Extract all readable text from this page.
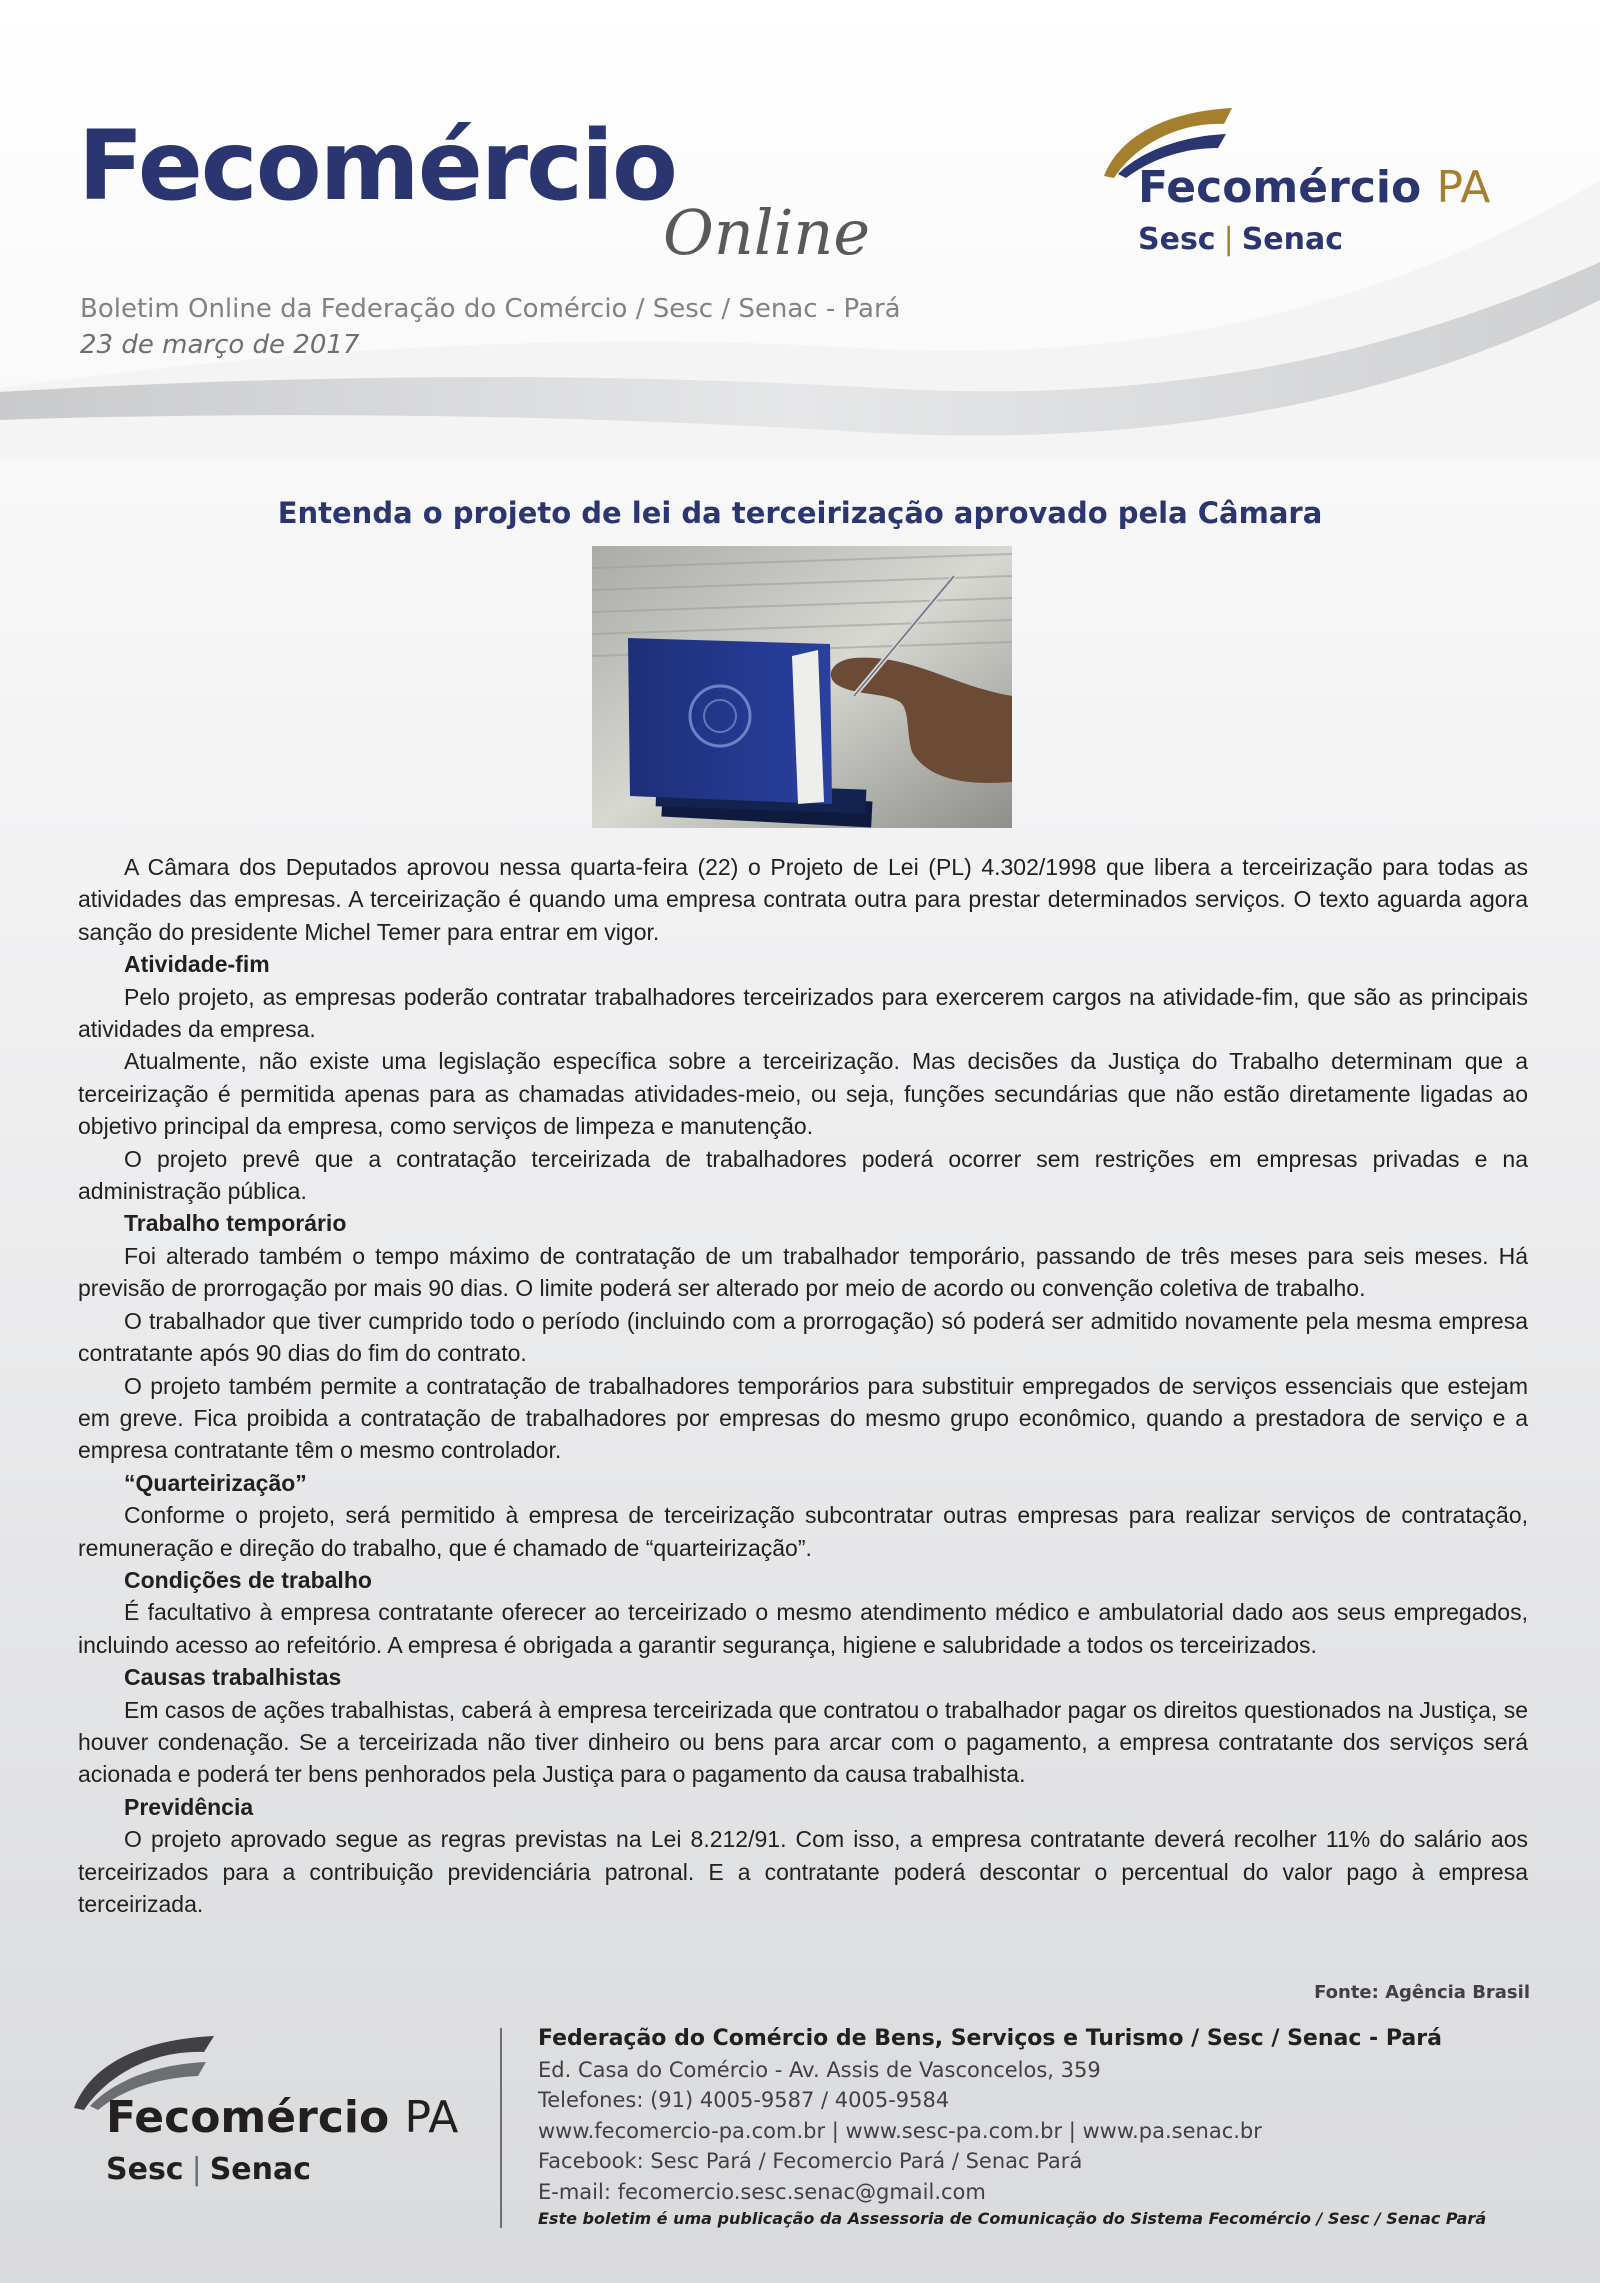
Fecomércio
Online
Boletim Online da Federação do Comércio / Sesc / Senac - Pará
23 de março de 2017
Fecomércio PA
Sesc | Senac
Entenda o projeto de lei da terceirização aprovado pela Câmara

A Câmara dos Deputados aprovou nessa quarta-feira (22) o Projeto de Lei (PL) 4.302/1998 que libera a terceirização para todas as atividades das empresas. A terceirização é quando uma empresa contrata outra para prestar determinados serviços. O texto aguarda agora sanção do presidente Michel Temer para entrar em vigor.

Atividade-fim

Pelo projeto, as empresas poderão contratar trabalhadores terceirizados para exercerem cargos na atividade-fim, que são as principais atividades da empresa.

Atualmente, não existe uma legislação específica sobre a terceirização. Mas decisões da Justiça do Trabalho determinam que a terceirização é permitida apenas para as chamadas atividades-meio, ou seja, funções secundárias que não estão diretamente ligadas ao objetivo principal da empresa, como serviços de limpeza e manutenção.

O projeto prevê que a contratação terceirizada de trabalhadores poderá ocorrer sem restrições em empresas privadas e na administração pública.

Trabalho temporário

Foi alterado também o tempo máximo de contratação de um trabalhador temporário, passando de três meses para seis meses. Há previsão de prorrogação por mais 90 dias. O limite poderá ser alterado por meio de acordo ou convenção coletiva de trabalho.

O trabalhador que tiver cumprido todo o período (incluindo com a prorrogação) só poderá ser admitido novamente pela mesma empresa contratante após 90 dias do fim do contrato.

O projeto também permite a contratação de trabalhadores temporários para substituir empregados de serviços essenciais que estejam em greve. Fica proibida a contratação de trabalhadores por empresas do mesmo grupo econômico, quando a prestadora de serviço e a empresa contratante têm o mesmo controlador.

“Quarteirização”

Conforme o projeto, será permitido à empresa de terceirização subcontratar outras empresas para realizar serviços de contratação, remuneração e direção do trabalho, que é chamado de “quarteirização”.

Condições de trabalho

É facultativo à empresa contratante oferecer ao terceirizado o mesmo atendimento médico e ambulatorial dado aos seus empregados, incluindo acesso ao refeitório. A empresa é obrigada a garantir segurança, higiene e salubridade a todos os terceirizados.

Causas trabalhistas

Em casos de ações trabalhistas, caberá à empresa terceirizada que contratou o trabalhador pagar os direitos questionados na Justiça, se houver condenação. Se a terceirizada não tiver dinheiro ou bens para arcar com o pagamento, a empresa contratante dos serviços será acionada e poderá ter bens penhorados pela Justiça para o pagamento da causa trabalhista.

Previdência

O projeto aprovado segue as regras previstas na Lei 8.212/91. Com isso, a empresa contratante deverá recolher 11% do salário aos terceirizados para a contribuição previdenciária patronal. E a contratante poderá descontar o percentual do valor pago à empresa terceirizada.

Fonte: Agência Brasil
Fecomércio PA
Sesc | Senac
Federação do Comércio de Bens, Serviços e Turismo / Sesc / Senac - Pará
Ed. Casa do Comércio - Av. Assis de Vasconcelos, 359
Telefones: (91) 4005-9587 / 4005-9584
www.fecomercio-pa.com.br | www.sesc-pa.com.br | www.pa.senac.br
Facebook: Sesc Pará / Fecomercio Pará / Senac Pará
E-mail: fecomercio.sesc.senac@gmail.com
Este boletim é uma publicação da Assessoria de Comunicação do Sistema Fecomércio / Sesc / Senac Pará
